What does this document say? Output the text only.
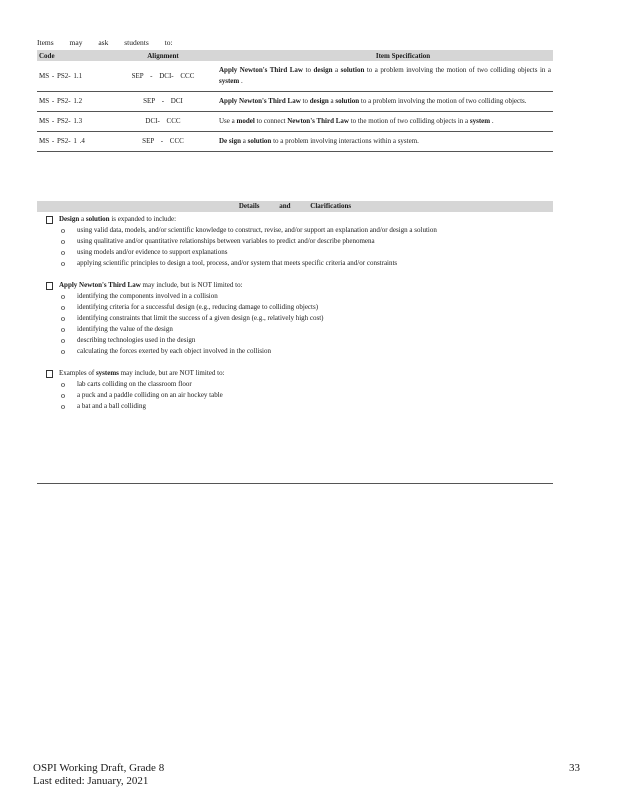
Items may ask students to:
Code	Alignment	Item Specification
MS - PS2- 1.1	SEP - DCI- CCC	Apply Newton's Third Law to design a solution to a problem involving the motion of two colliding objects in a system .
MS - PS2- 1.2	SEP - DCI	Apply Newton's Third Law to design a solution to a problem involving the motion of two colliding objects.
MS - PS2- 1.3	DCI- CCC	Use a model to connect Newton's Third Law to the motion of two colliding objects in a system .
MS - PS2- 1 .4	SEP - CCC	De sign a solution to a problem involving interactions within a system.
Details	and	Clarifications
Design a solution is expanded to include:
o using valid data, models, and/or scientific knowledge to construct, revise, and/or support an explanation and/or design a solution
o using qualitative and/or quantitative relationships between variables to predict and/or describe phenomena
o using models and/or evidence to support explanations
o applying scientific principles to design a tool, process, and/or system that meets specific criteria and/or constraints
Apply Newton's Third Law may include, but is NOT limited to:
o identifying the components involved in a collision
o identifying criteria for a successful design (e.g., reducing damage to colliding objects)
o identifying constraints that limit the success of a given design (e.g., relatively high cost)
o identifying the value of the design
o describing technologies used in the design
o calculating the forces exerted by each object involved in the collision
Examples of systems may include, but are NOT limited to:
o lab carts colliding on the classroom floor
o a puck and a paddle colliding on an air hockey table
o a bat and a ball colliding
OSPI Working Draft, Grade 8
Last edited: January, 2021
33
